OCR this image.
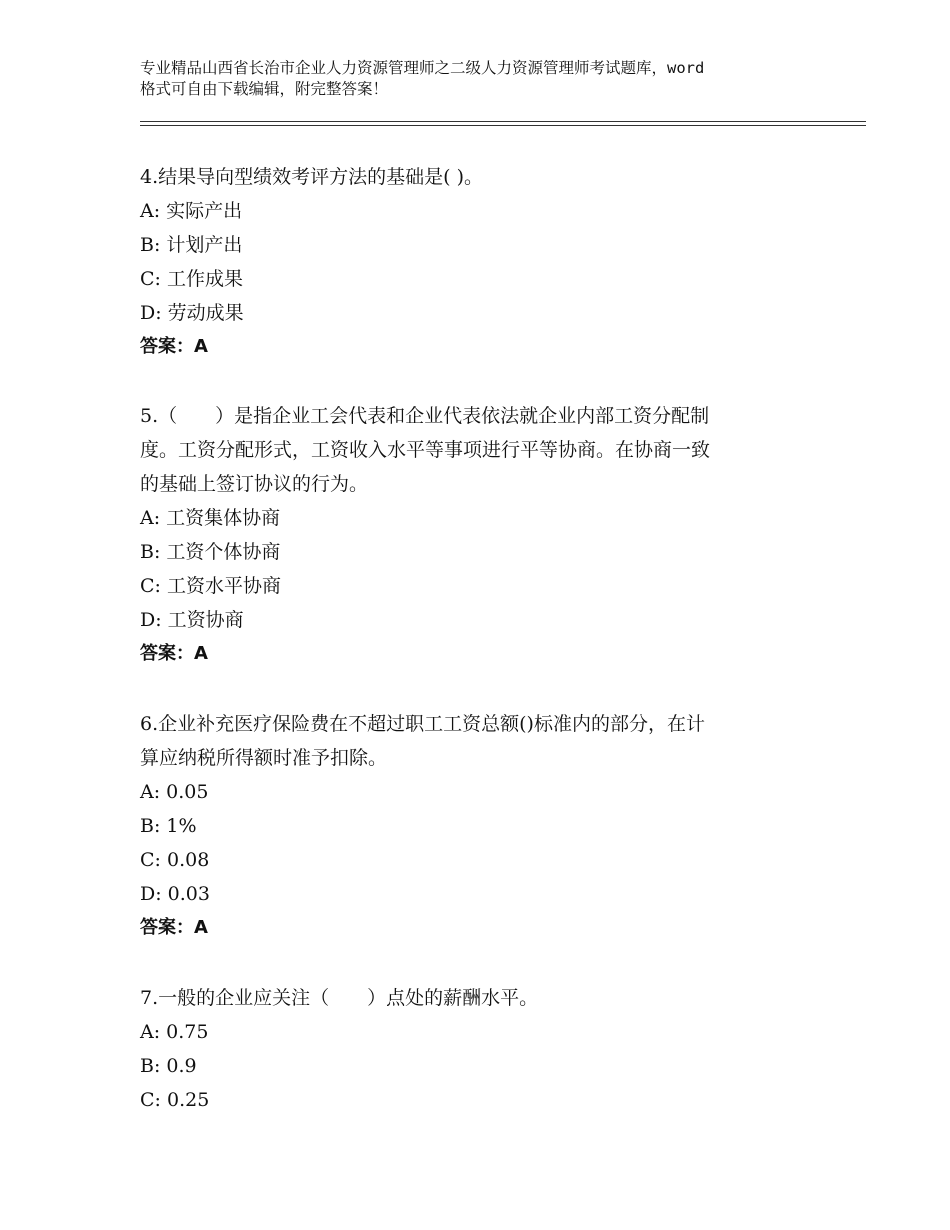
专业精品山西省长治市企业人力资源管理师之二级人力资源管理师考试题库，word
格式可自由下载编辑，附完整答案！
4.结果导向型绩效考评方法的基础是( )。
A: 实际产出
B: 计划产出
C: 工作成果
D: 劳动成果
答案：A
5.（　　）是指企业工会代表和企业代表依法就企业内部工资分配制
度。工资分配形式，工资收入水平等事项进行平等协商。在协商一致
的基础上签订协议的行为。
A: 工资集体协商
B: 工资个体协商
C: 工资水平协商
D: 工资协商
答案：A
6.企业补充医疗保险费在不超过职工工资总额()标准内的部分，在计
算应纳税所得额时准予扣除。
A: 0.05
B: 1%
C: 0.08
D: 0.03
答案：A
7.一般的企业应关注（　　）点处的薪酬水平。
A: 0.75
B: 0.9
C: 0.25
